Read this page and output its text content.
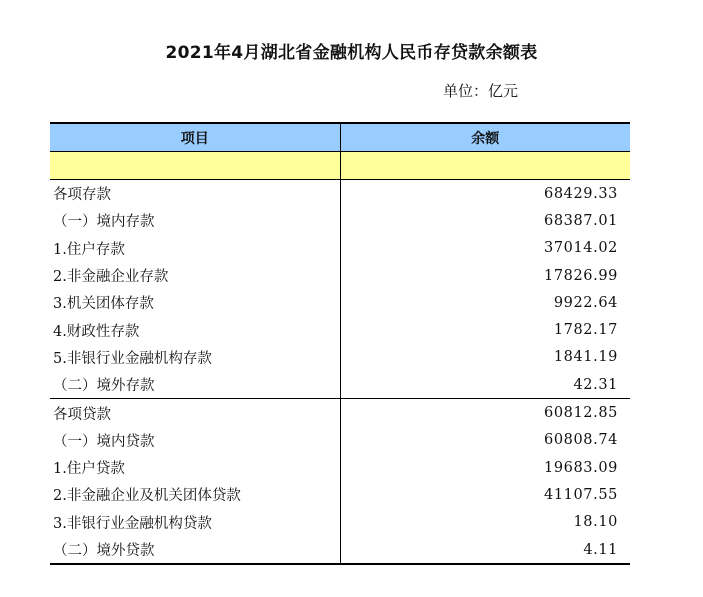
2021年4月湖北省金融机构人民币存贷款余额表
单位：亿元
项目	余额

各项存款	68429.33
（一）境内存款	68387.01
1.住户存款	37014.02
2.非金融企业存款	17826.99
3.机关团体存款	9922.64
4.财政性存款	1782.17
5.非银行业金融机构存款	1841.19
（二）境外存款	42.31
各项贷款	60812.85
（一）境内贷款	60808.74
1.住户贷款	19683.09
2.非金融企业及机关团体贷款	41107.55
3.非银行业金融机构贷款	18.10
（二）境外贷款	4.11
